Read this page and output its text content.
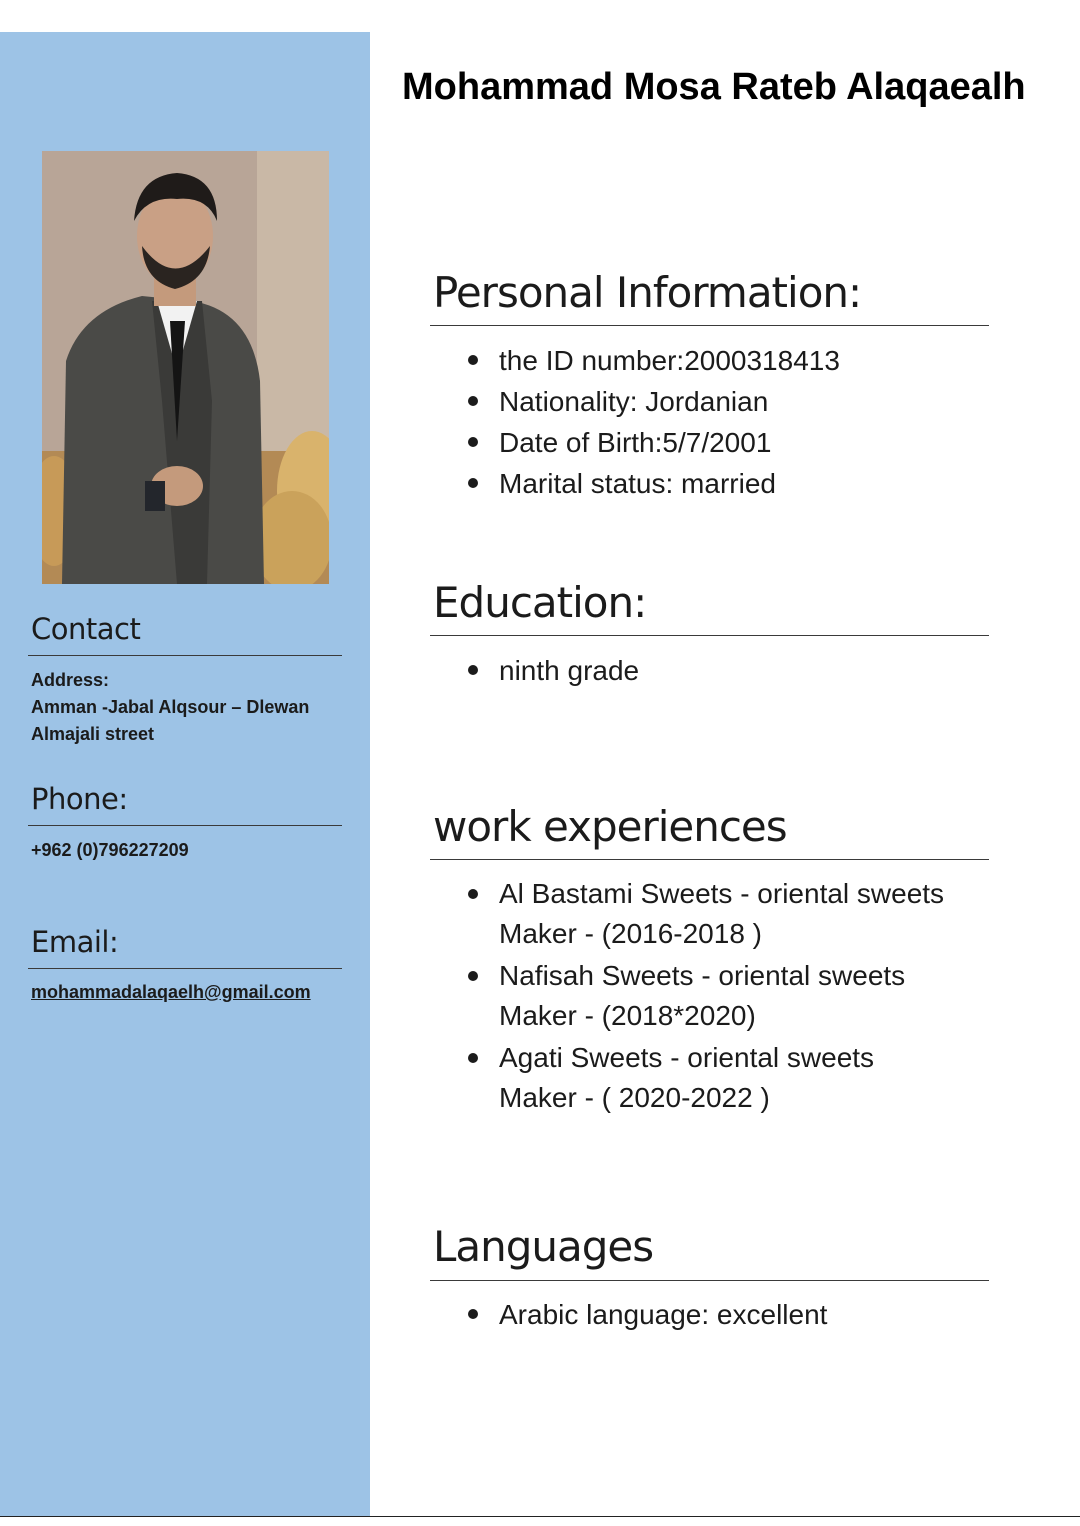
Contact
Address:
Amman -Jabal Alqsour – Dlewan
Almajali street
Phone:
+962 (0)796227209
Email:
mohammadalaqaelh@gmail.com
Mohammad Mosa Rateb Alaqaealh
Personal Information:
the ID number:2000318413
Nationality: Jordanian
Date of Birth:5/7/2001
Marital status: married
Education:
ninth grade
work experiences
Al Bastami Sweets - oriental sweets
Maker - (2016-2018 )
Nafisah Sweets - oriental sweets
Maker - (2018*2020)
Agati Sweets - oriental sweets
Maker - ( 2020-2022 )
Languages
Arabic language: excellent
